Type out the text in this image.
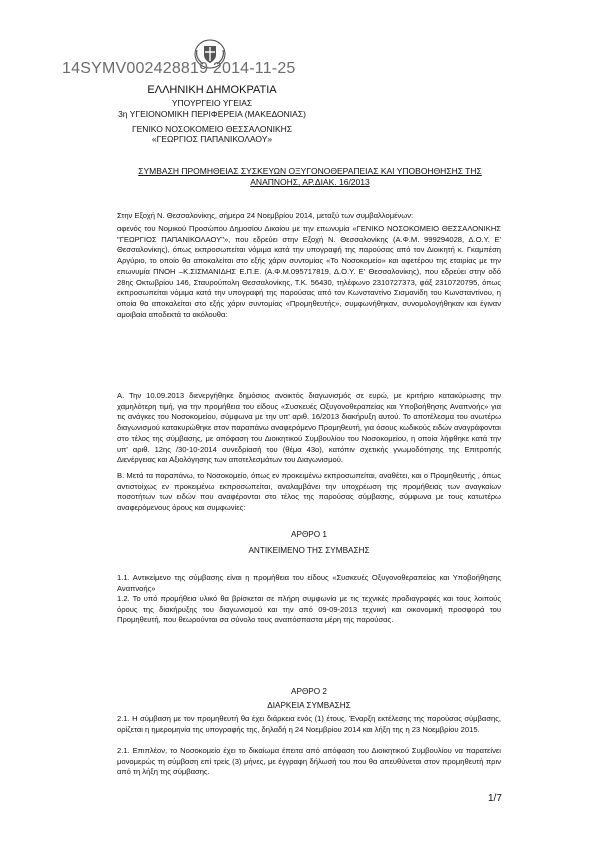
14SYMV002428819 2014-11-25
ΕΛΛΗΝΙΚΗ ΔΗΜΟΚΡΑΤΙΑ
ΥΠΟΥΡΓΕΙΟ ΥΓΕΙΑΣ
3η ΥΓΕΙΟΝΟΜΙΚΗ ΠΕΡΙΦΕΡΕΙΑ (ΜΑΚΕΔΟΝΙΑΣ)
ΓΕΝΙΚΟ ΝΟΣΟΚΟΜΕΙΟ ΘΕΣΣΑΛΟΝΙΚΗΣ
«ΓΕΩΡΓΙΟΣ ΠΑΠΑΝΙΚΟΛΑΟΥ»
ΣΥΜΒΑΣΗ ΠΡΟΜΗΘΕΙΑΣ ΣΥΣΚΕΥΩΝ ΟΞΥΓΟΝΟΘΕΡΑΠΕΙΑΣ ΚΑΙ ΥΠΟΒΟΗΘΗΣΗΣ ΤΗΣ
ΑΝΑΠΝΟΗΣ, ΑΡ.ΔΙΑΚ. 16/2013
Στην Εξοχή Ν. Θεσσαλονίκης, σήμερα 24 Νοεμβρίου 2014, μεταξύ των συμβαλλομένων:
αφενός του Νομικού Προσώπου Δημοσίου Δικαίου με την επωνυμία «ΓΕΝΙΚΟ ΝΟΣΟΚΟΜΕΙΟ ΘΕΣΣΑΛΟΝΙΚΗΣ "ΓΕΩΡΓΙΟΣ ΠΑΠΑΝΙΚΟΛΑΟΥ"», που εδρεύει στην Εξοχή Ν. Θεσσαλονίκης (Α.Φ.Μ. 999294028, Δ.Ο.Υ. Ε' Θεσσαλονίκης), όπως εκπροσωπείται νόμιμα κατά την υπογραφή της παρούσας από τον Διοικητή κ. Γκαμπέση Αργύριο, το οποίο θα αποκαλείται στο εξής χάριν συντομίας «Το Νοσοκομείο» και αφετέρου της εταιρίας με την επωνυμία ΠΝΟΗ –Κ.ΣΙΣΜΑΝΙΔΗΣ Ε.Π.Ε. (Α.Φ.Μ.095717819, Δ.Ο.Υ. Ε' Θεσσαλονίκης), που εδρεύει στην οδό 28ης Οκτωβρίου 146, Σταυρούπολη Θεσσαλονίκης, Τ.Κ. 56430, τηλέφωνο 2310727373, φάξ 2310720795, όπως εκπροσωπείται νόμιμα κατά την υπογραφή της παρούσας από τον Κωνσταντίνο Σισμανίδη του Κωνσταντίνου, η οποία θα αποκαλείται στο εξής χάριν συντομίας «Προμηθευτής», συμφωνήθηκαν, συνομολογήθηκαν και έγιναν αμοιβαία αποδεκτά τα ακόλουθα:
Α. Την 10.09.2013 διενεργήθηκε δημόσιος ανοικτός διαγωνισμός σε ευρώ, με κριτήριο κατακύρωσης την χαμηλότερη τιμή, για την προμήθεια του είδους «Συσκευές Οξυγονοθεραπείας και Υποβοήθησης Αναπνοής» για τις ανάγκες του Νοσοκομείου, σύμφωνα με την υπ' αριθ. 16/2013 διακήρυξη αυτού. Το αποτέλεσμα του ανωτέρω διαγωνισμού κατακυρώθηκε στον παραπάνω αναφερόμενο Προμηθευτή, για όσους κωδικούς ειδών αναγράφονται στο τέλος της σύμβασης, με απόφαση του Διοικητικού Συμβουλίου του Νοσοκομείου, η οποία λήφθηκε κατά την υπ' αριθ. 12ης /30-10-2014 συνεδρίασή του (θέμα 43ο), κατόπιν σχετικής γνωμοδότησης της Επιτροπής Διενέργειας και Αξιολόγησης των αποτελεσμάτων του Διαγωνισμού.
Β. Μετά τα παραπάνω, το Νοσοκομείο, όπως εν προκειμένω εκπροσωπείται, αναθέτει, και ο Προμηθευτής , όπως αντιστοίχως εν προκειμένω εκπροσωπείται, αναλαμβάνει την υποχρέωση της προμήθειας των αναγκαίων ποσοτήτων των ειδών που αναφέρονται στο τέλος της παρούσας σύμβασης, σύμφωνα με τους κατωτέρω αναφερόμενους όρους και συμφωνίες:
ΑΡΘΡΟ 1
ΑΝΤΙΚΕΙΜΕΝΟ ΤΗΣ ΣΥΜΒΑΣΗΣ
1.1. Αντικείμενο της σύμβασης είναι η προμήθεια του είδους «Συσκευές Οξυγονοθεραπείας και Υποβοήθησης Αναπνοής»
1.2. Το υπό προμήθεια υλικό θα βρίσκεται σε πλήρη συμφωνία με τις τεχνικές προδιαγραφές και τους λοιπούς όρους της διακήρυξης του διαγωνισμού και την από 09-09-2013 τεχνική και οικονομική προσφορά του Προμηθευτή, που θεωρούνται σα σύνολο τους αναπόσπαστα μέρη της παρούσας.
ΑΡΘΡΟ 2
ΔΙΑΡΚΕΙΑ ΣΥΜΒΑΣΗΣ
2.1. Η σύμβαση με τον προμηθευτή θα έχει διάρκεια ενός (1) έτους. Έναρξη εκτέλεσης της παρούσας σύμβασης, ορίζεται η ημερομηνία της υπογραφής της, δηλαδή η 24 Νοεμβρίου 2014 και λήξη της η 23 Νοεμβρίου 2015.
2.1. Επιπλέον, το Νοσοκομείο έχει το δικαίωμα έπειτα από απόφαση του Διοικητικού Συμβουλίου να παρατείνει μονομερώς τη σύμβαση επί τρείς (3) μήνες, με έγγραφη δήλωσή του που θα απευθύνεται στον προμηθευτή πριν από τη λήξη της σύμβασης.
1/7
